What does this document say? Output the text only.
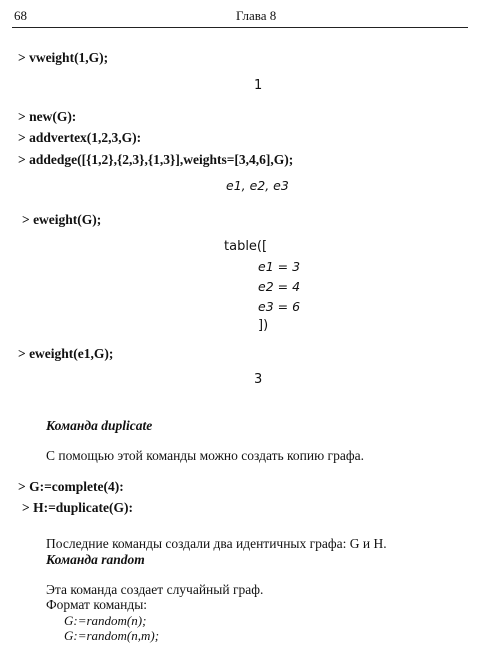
68	Глава 8
> vweight(1,G);
1
> new(G):
> addvertex(1,2,3,G):
> addedge([{1,2},{2,3},{1,3}],weights=[3,4,6],G);
e1, e2, e3
> eweight(G);
table([
e1 = 3
e2 = 4
e3 = 6
])
> eweight(e1,G);
3
Команда duplicate
С помощью этой команды можно создать копию графа.
> G:=complete(4):
> H:=duplicate(G):
Последние команды создали два идентичных графа: G и H.
Команда random
Эта команда создает случайный граф.
Формат команды:
G:=random(n);
G:=random(n,m);
